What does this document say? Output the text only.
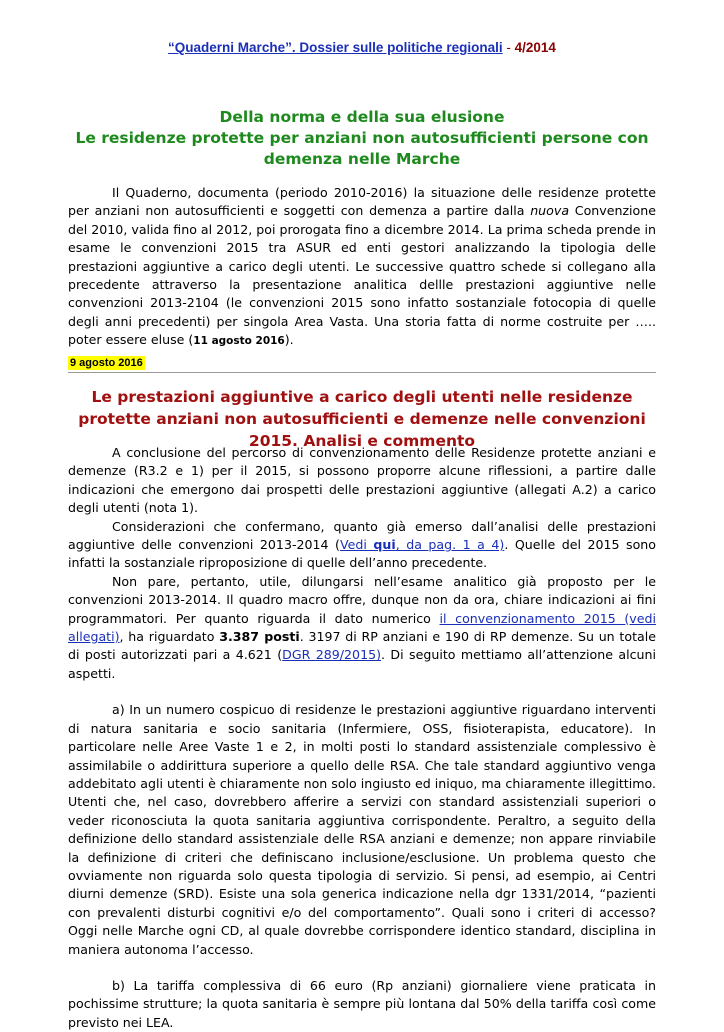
“Quaderni Marche”. Dossier sulle politiche regionali - 4/2014
Della norma e della sua elusione
Le residenze protette per anziani non autosufficienti persone con demenza nelle Marche

Il Quaderno, documenta (periodo 2010-2016) la situazione delle residenze protette per anziani non autosufficienti e soggetti con demenza a partire dalla nuova Convenzione del 2010, valida fino al 2012, poi prorogata fino a dicembre 2014. La prima scheda prende in esame le convenzioni 2015 tra ASUR ed enti gestori analizzando la tipologia delle prestazioni aggiuntive a carico degli utenti. Le successive quattro schede si collegano alla precedente attraverso la presentazione analitica dellle prestazioni aggiuntive nelle convenzioni 2013-2104 (le convenzioni 2015 sono infatto sostanziale fotocopia di quelle degli anni precedenti) per singola Area Vasta. Una storia fatta di norme costruite per ….. poter essere eluse (11 agosto 2016).

9 agosto 2016
Le prestazioni aggiuntive a carico degli utenti nelle residenze protette anziani non autosufficienti e demenze nelle convenzioni 2015. Analisi e commento

A conclusione del percorso di convenzionamento delle Residenze protette anziani e demenze (R3.2 e 1) per il 2015, si possono proporre alcune riflessioni, a partire dalle indicazioni che emergono dai prospetti delle prestazioni aggiuntive (allegati A.2) a carico degli utenti (nota 1).

Considerazioni che confermano, quanto già emerso dall’analisi delle prestazioni aggiuntive delle convenzioni 2013-2014 (Vedi qui, da pag. 1 a 4). Quelle del 2015 sono infatti la sostanziale riproposizione di quelle dell’anno precedente.

Non pare, pertanto, utile, dilungarsi nell’esame analitico già proposto per le convenzioni 2013-2014. Il quadro macro offre, dunque non da ora, chiare indicazioni ai fini programmatori. Per quanto riguarda il dato numerico il convenzionamento 2015 (vedi allegati), ha riguardato 3.387 posti. 3197 di RP anziani e 190 di RP demenze. Su un totale di posti autorizzati pari a 4.621 (DGR 289/2015). Di seguito mettiamo all’attenzione alcuni aspetti.

a) In un numero cospicuo di residenze le prestazioni aggiuntive riguardano interventi di natura sanitaria e socio sanitaria (Infermiere, OSS, fisioterapista, educatore). In particolare nelle Aree Vaste 1 e 2, in molti posti lo standard assistenziale complessivo è assimilabile o addirittura superiore a quello delle RSA. Che tale standard aggiuntivo venga addebitato agli utenti è chiaramente non solo ingiusto ed iniquo, ma chiaramente illegittimo. Utenti che, nel caso, dovrebbero afferire a servizi con standard assistenziali superiori o veder riconosciuta la quota sanitaria aggiuntiva corrispondente. Peraltro, a seguito della definizione dello standard assistenziale delle RSA anziani e demenze; non appare rinviabile la definizione di criteri che definiscano inclusione/esclusione. Un problema questo che ovviamente non riguarda solo questa tipologia di servizio. Si pensi, ad esempio, ai Centri diurni demenze (SRD). Esiste una sola generica indicazione nella dgr 1331/2014, “pazienti con prevalenti disturbi cognitivi e/o del comportamento”. Quali sono i criteri di accesso? Oggi nelle Marche ogni CD, al quale dovrebbe corrispondere identico standard, disciplina in maniera autonoma l’accesso.

b) La tariffa complessiva di 66 euro (Rp anziani) giornaliere viene praticata in pochissime strutture; la quota sanitaria è sempre più lontana dal 50% della tariffa così come previsto nei LEA.
